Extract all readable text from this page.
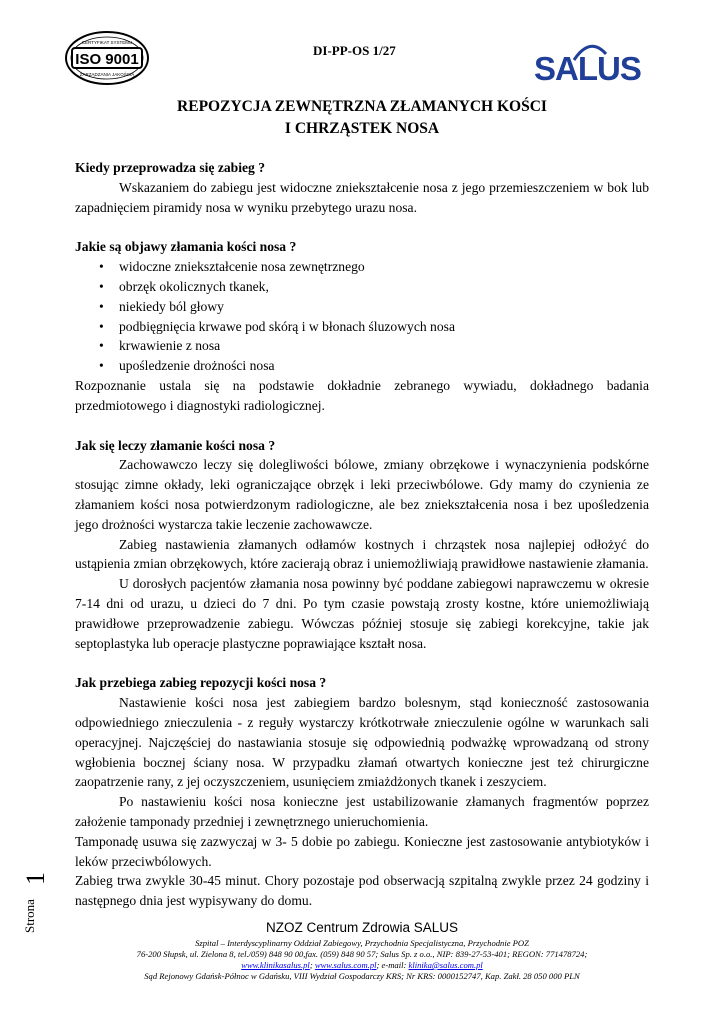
ISO 9001
CERTYFIKAT SYSTEMU
ZARZĄDZANIA JAKOŚCIĄ
DI-PP-OS 1/27	SALUS
REPOZYCJA ZEWNĘTRZNA ZŁAMANYCH KOŚCI
I CHRZĄSTEK NOSA

Kiedy przeprowadza się zabieg ?

Wskazaniem do zabiegu jest widoczne zniekształcenie nosa z jego przemieszczeniem w bok lub zapadnięciem piramidy nosa w wyniku przebytego urazu nosa.

Jakie są objawy złamania kości nosa ?

• widoczne zniekształcenie nosa zewnętrznego
• obrzęk okolicznych tkanek,
• niekiedy ból głowy
• podbięgnięcia krwawe pod skórą i w błonach śluzowych nosa
• krwawienie z nosa
• upośledzenie drożności nosa

Rozpoznanie ustala się na podstawie dokładnie zebranego wywiadu, dokładnego badania przedmiotowego i diagnostyki radiologicznej.

Jak się leczy złamanie kości nosa ?

Zachowawczo leczy się dolegliwości bólowe, zmiany obrzękowe i wynaczynienia podskórne stosując zimne okłady, leki ograniczające obrzęk i leki przeciwbólowe. Gdy mamy do czynienia ze złamaniem kości nosa potwierdzonym radiologiczne, ale bez zniekształcenia nosa i bez upośledzenia jego drożności wystarcza takie leczenie zachowawcze.

Zabieg nastawienia złamanych odłamów kostnych i chrząstek nosa najlepiej odłożyć do ustąpienia zmian obrzękowych, które zacierają obraz i uniemożliwiają prawidłowe nastawienie złamania.

U dorosłych pacjentów złamania nosa powinny być poddane zabiegowi naprawczemu w okresie 7-14 dni od urazu, u dzieci do 7 dni. Po tym czasie powstają zrosty kostne, które uniemożliwiają prawidłowe przeprowadzenie zabiegu. Wówczas później stosuje się zabiegi korekcyjne, takie jak septoplastyka lub operacje plastyczne poprawiające kształt nosa.

Jak przebiega zabieg repozycji kości nosa ?

Nastawienie kości nosa jest zabiegiem bardzo bolesnym, stąd konieczność zastosowania odpowiedniego znieczulenia - z reguły wystarczy krótkotrwałe znieczulenie ogólne w warunkach sali operacyjnej. Najczęściej do nastawiania stosuje się odpowiednią podważkę wprowadzaną od strony wgłobienia bocznej ściany nosa. W przypadku złamań otwartych konieczne jest też chirurgiczne zaopatrzenie rany, z jej oczyszczeniem, usunięciem zmiażdżonych tkanek i zeszyciem.

Po nastawieniu kości nosa konieczne jest ustabilizowanie złamanych fragmentów poprzez założenie tamponady przedniej i zewnętrznego unieruchomienia.

Tamponadę usuwa się zazwyczaj w 3- 5 dobie po zabiegu. Konieczne jest zastosowanie antybiotyków i leków przeciwbólowych.

Zabieg trwa zwykle 30-45 minut. Chory pozostaje pod obserwacją szpitalną zwykle przez 24 godziny i następnego dnia jest wypisywany do domu.

Strona
1
NZOZ Centrum Zdrowia SALUS
Szpital – Interdyscyplinarny Oddział Zabiegowy, Przychodnia Specjalistyczna, Przychodnie POZ
76-200 Słupsk, ul. Zielona 8, tel./059) 848 90 00,fax. (059) 848 90 57; Salus Sp. z o.o., NIP: 839-27-53-401; REGON: 771478724;
www.klinikasalus.pl; www.salus.com.pl; e-mail: klinika@salus.com.pl
Sąd Rejonowy Gdańsk-Północ w Gdańsku, VIII Wydział Gospodarczy KRS; Nr KRS: 0000152747, Kap. Zakł. 28 050 000 PLN
